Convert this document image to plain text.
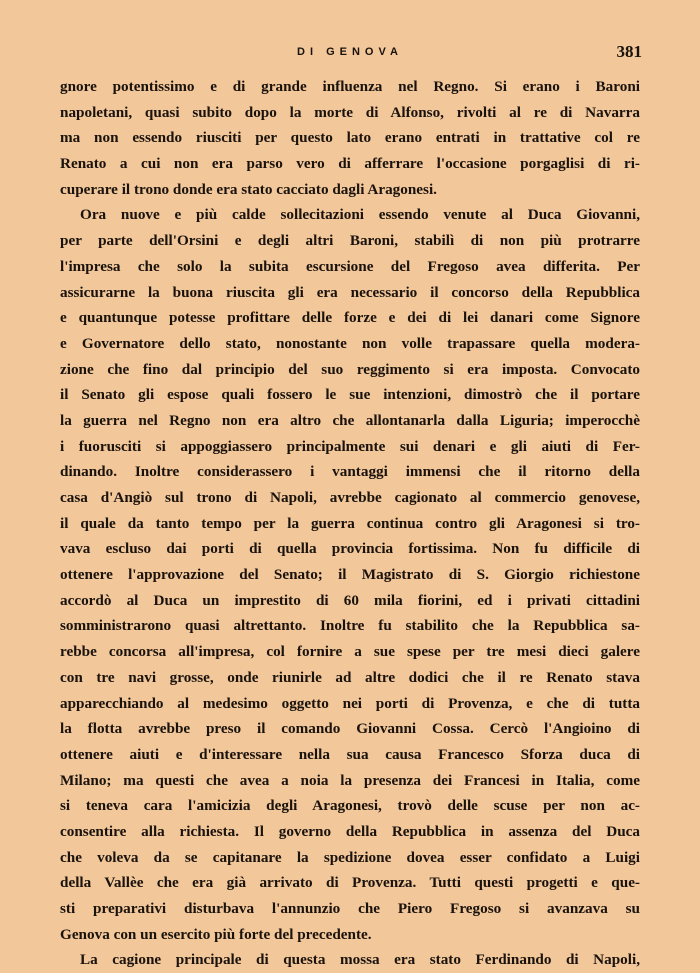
DI GENOVA	381
gnore potentissimo e di grande influenza nel Regno. Si erano i Baroni
napoletani, quasi subito dopo la morte di Alfonso, rivolti al re di Navarra
ma non essendo riusciti per questo lato erano entrati in trattative col re
Renato a cui non era parso vero di afferrare l'occasione porgaglisi di ri-
cuperare il trono donde era stato cacciato dagli Aragonesi.
Ora nuove e più calde sollecitazioni essendo venute al Duca Giovanni,
per parte dell'Orsini e degli altri Baroni, stabilì di non più protrarre
l'impresa che solo la subita escursione del Fregoso avea differita. Per
assicurarne la buona riuscita gli era necessario il concorso della Repubblica
e quantunque potesse profittare delle forze e dei di lei danari come Signore
e Governatore dello stato, nonostante non volle trapassare quella modera-
zione che fino dal principio del suo reggimento si era imposta. Convocato
il Senato gli espose quali fossero le sue intenzioni, dimostrò che il portare
la guerra nel Regno non era altro che allontanarla dalla Liguria; imperocchè
i fuorusciti si appoggiassero principalmente sui denari e gli aiuti di Fer-
dinando. Inoltre considerassero i vantaggi immensi che il ritorno della
casa d'Angiò sul trono di Napoli, avrebbe cagionato al commercio genovese,
il quale da tanto tempo per la guerra continua contro gli Aragonesi si tro-
vava escluso dai porti di quella provincia fortissima. Non fu difficile di
ottenere l'approvazione del Senato; il Magistrato di S. Giorgio richiestone
accordò al Duca un imprestito di 60 mila fiorini, ed i privati cittadini
somministrarono quasi altrettanto. Inoltre fu stabilito che la Repubblica sa-
rebbe concorsa all'impresa, col fornire a sue spese per tre mesi dieci galere
con tre navi grosse, onde riunirle ad altre dodici che il re Renato stava
apparecchiando al medesimo oggetto nei porti di Provenza, e che di tutta
la flotta avrebbe preso il comando Giovanni Cossa. Cercò l'Angioino di
ottenere aiuti e d'interessare nella sua causa Francesco Sforza duca di
Milano; ma questi che avea a noia la presenza dei Francesi in Italia, come
si teneva cara l'amicizia degli Aragonesi, trovò delle scuse per non ac-
consentire alla richiesta. Il governo della Repubblica in assenza del Duca
che voleva da se capitanare la spedizione dovea esser confidato a Luigi
della Vallèe che era già arrivato di Provenza. Tutti questi progetti e que-
sti preparativi disturbava l'annunzio che Piero Fregoso si avanzava su
Genova con un esercito più forte del precedente.
La cagione principale di questa mossa era stato Ferdinando di Napoli,
